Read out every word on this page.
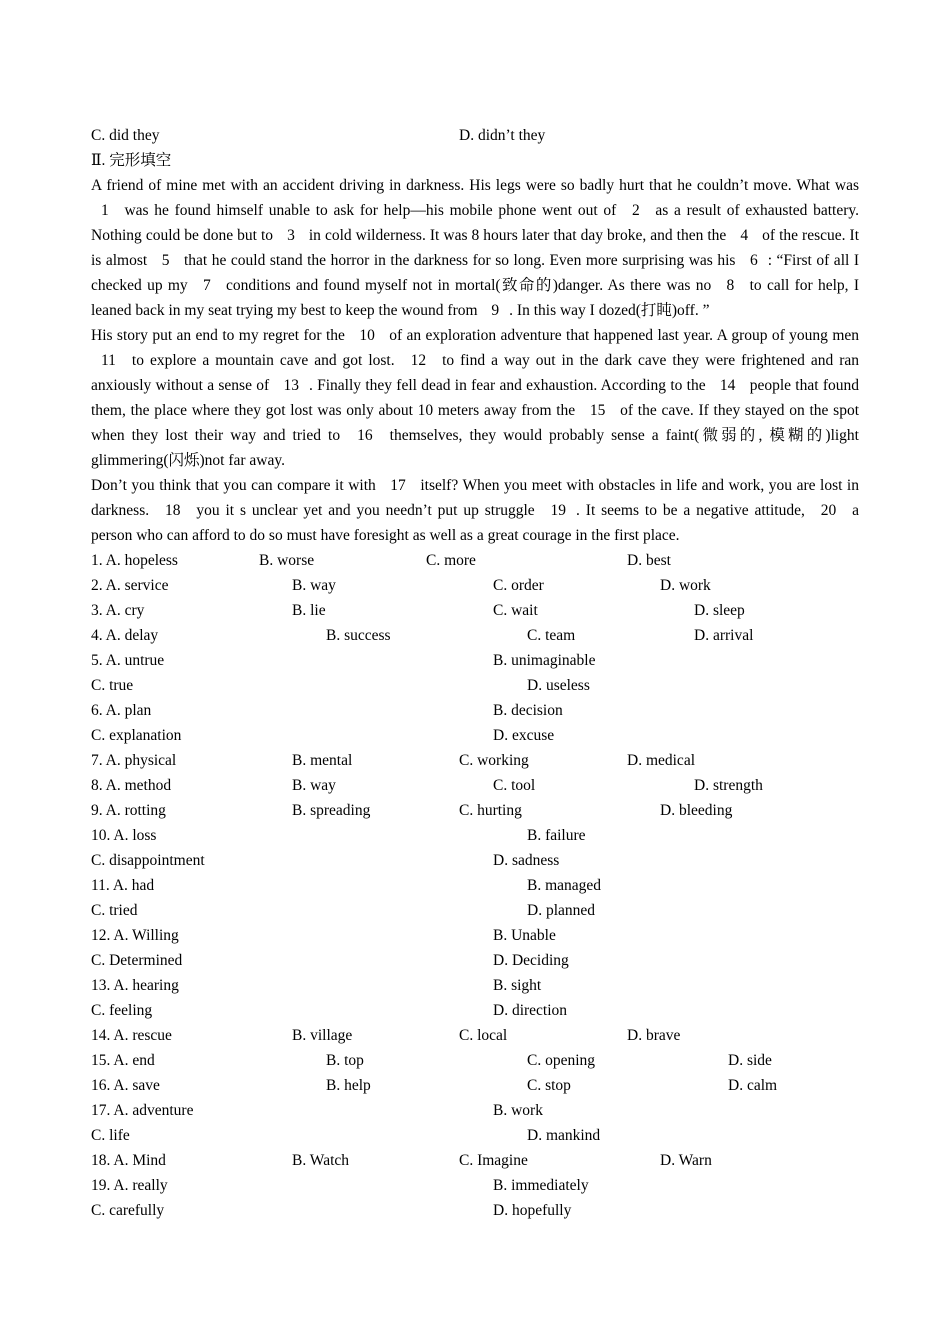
C. did they	D. didn’t they
Ⅱ. 完形填空

A friend of mine met with an accident driving in darkness. His legs were so badly hurt that he couldn’t move. What was 1 was he found himself unable to ask for help—his mobile phone went out of 2 as a result of exhausted battery. Nothing could be done but to 3 in cold wilderness. It was 8 hours later that day broke, and then the 4 of the rescue. It is almost 5 that he could stand the horror in the darkness for so long. Even more surprising was his 6 : “First of all I checked up my 7 conditions and found myself not in mortal(致命的)danger. As there was no 8 to call for help, I leaned back in my seat trying my best to keep the wound from 9 . In this way I dozed(打盹)off. ”

His story put an end to my regret for the 10 of an exploration adventure that happened last year. A group of young men 11 to explore a mountain cave and got lost. 12 to find a way out in the dark cave they were frightened and ran anxiously without a sense of 13 . Finally they fell dead in fear and exhaustion. According to the 14 people that found them, the place where they got lost was only about 10 meters away from the 15 of the cave. If they stayed on the spot when they lost their way and tried to 16 themselves, they would probably sense a faint(微弱的, 模糊的)light glimmering(闪烁)not far away.

Don’t you think that you can compare it with 17 itself? When you meet with obstacles in life and work, you are lost in darkness. 18 you it s unclear yet and you needn’t put up struggle 19 . It seems to be a negative attitude, 20 a person who can afford to do so must have foresight as well as a great courage in the first place.

1. A. hopeless	B. worse	C. more	D. best
2. A. service	B. way	C. order	D. work
3. A. cry	B. lie	C. wait	D. sleep
4. A. delay	B. success	C. team	D. arrival
5. A. untrue	B. unimaginable
C. true	D. useless
6. A. plan	B. decision
C. explanation	D. excuse
7. A. physical	B. mental	C. working	D. medical
8. A. method	B. way	C. tool	D. strength
9. A. rotting	B. spreading	C. hurting	D. bleeding
10. A. loss	B. failure
C. disappointment	D. sadness
11. A. had	B. managed
C. tried	D. planned
12. A. Willing	B. Unable
C. Determined	D. Deciding
13. A. hearing	B. sight
C. feeling	D. direction
14. A. rescue	B. village	C. local	D. brave
15. A. end	B. top	C. opening	D. side
16. A. save	B. help	C. stop	D. calm
17. A. adventure	B. work
C. life	D. mankind
18. A. Mind	B. Watch	C. Imagine	D. Warn
19. A. really	B. immediately
C. carefully	D. hopefully
